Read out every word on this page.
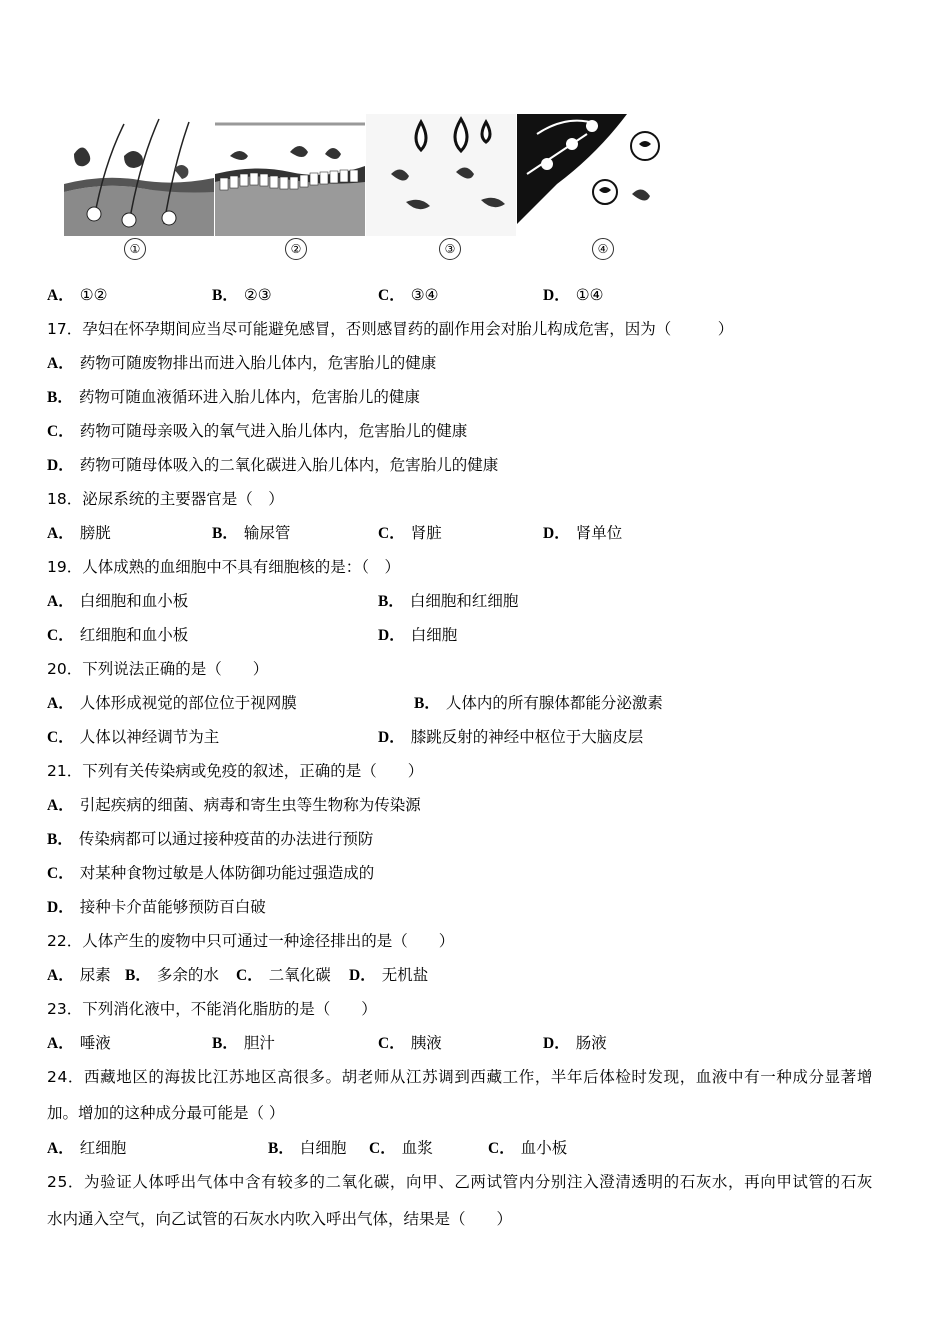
①	②	③	④
A． ①②	B． ②③	C． ③④	D． ①④
17．孕妇在怀孕期间应当尽可能避免感冒，否则感冒药的副作用会对胎儿构成危害，因为（　　　）
A． 药物可随废物排出而进入胎儿体内，危害胎儿的健康
B． 药物可随血液循环进入胎儿体内，危害胎儿的健康
C． 药物可随母亲吸入的氧气进入胎儿体内，危害胎儿的健康
D． 药物可随母体吸入的二氧化碳进入胎儿体内，危害胎儿的健康
18．泌尿系统的主要器官是（　）
A． 膀胱	B． 输尿管	C． 肾脏	D． 肾单位
19．人体成熟的血细胞中不具有细胞核的是：（　）
A． 白细胞和血小板	B． 白细胞和红细胞
C． 红细胞和血小板	D． 白细胞
20．下列说法正确的是（　　）
A． 人体形成视觉的部位位于视网膜	B． 人体内的所有腺体都能分泌激素
C． 人体以神经调节为主	D． 膝跳反射的神经中枢位于大脑皮层
21．下列有关传染病或免疫的叙述，正确的是（　　）
A． 引起疾病的细菌、病毒和寄生虫等生物称为传染源
B． 传染病都可以通过接种疫苗的办法进行预防
C． 对某种食物过敏是人体防御功能过强造成的
D． 接种卡介苗能够预防百白破
22．人体产生的废物中只可通过一种途径排出的是（　　）
A． 尿素 B． 多余的水 C． 二氧化碳 D． 无机盐
23．下列消化液中，不能消化脂肪的是（　　）
A． 唾液	B． 胆汁	C． 胰液	D． 肠液
24．西藏地区的海拔比江苏地区高很多。胡老师从江苏调到西藏工作，半年后体检时发现，血液中有一种成分显著增
加。增加的这种成分最可能是（ ）
A． 红细胞	B． 白细胞 C． 血浆	C． 血小板
25．为验证人体呼出气体中含有较多的二氧化碳，向甲、乙两试管内分别注入澄清透明的石灰水，再向甲试管的石灰
水内通入空气，向乙试管的石灰水内吹入呼出气体，结果是（　　）
